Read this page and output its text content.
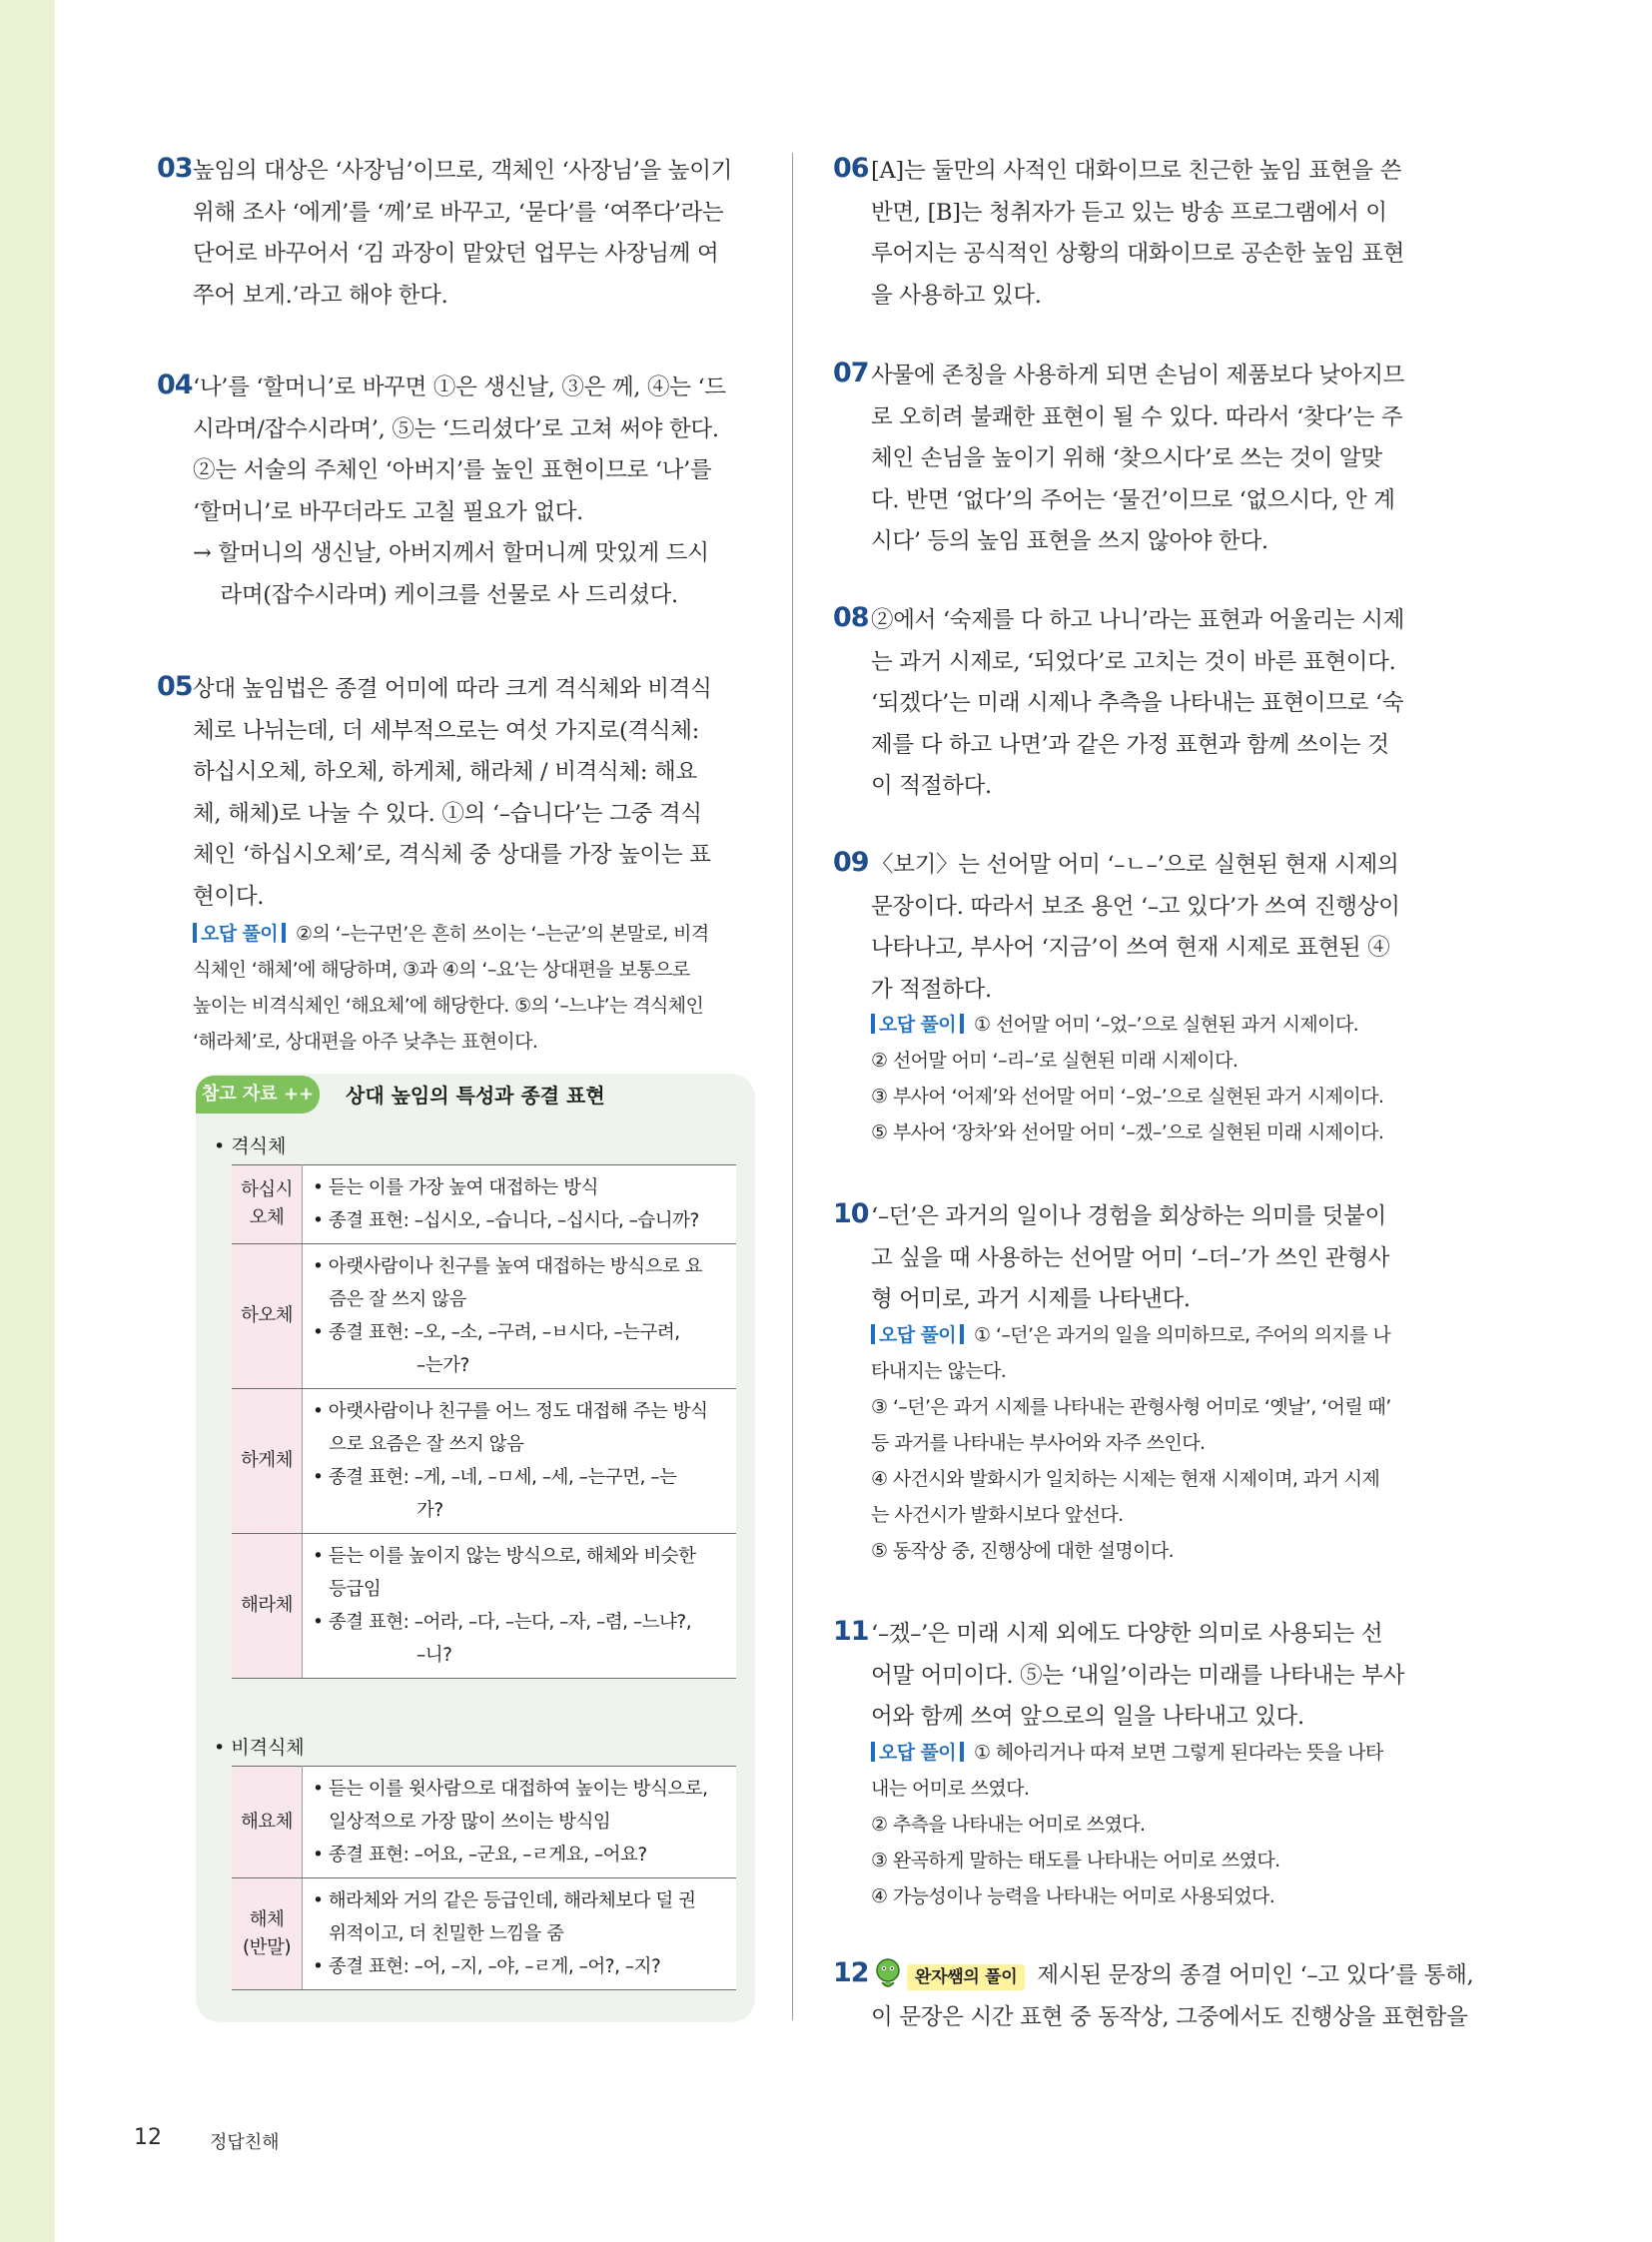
03 높임의 대상은 ‘사장님’이므로, 객체인 ‘사장님’을 높이기
위해 조사 ‘에게’를 ‘께’로 바꾸고, ‘묻다’를 ‘여쭈다’라는
단어로 바꾸어서 ‘김 과장이 맡았던 업무는 사장님께 여
쭈어 보게.’라고 해야 한다.
04 ‘나’를 ‘할머니’로 바꾸면 ①은 생신날, ③은 께, ④는 ‘드
시라며/잡수시라며’, ⑤는 ‘드리셨다’로 고쳐 써야 한다.
②는 서술의 주체인 ‘아버지’를 높인 표현이므로 ‘나’를
‘할머니’로 바꾸더라도 고칠 필요가 없다.
→ 할머니의 생신날, 아버지께서 할머니께 맛있게 드시
라며(잡수시라며) 케이크를 선물로 사 드리셨다.
05 상대 높임법은 종결 어미에 따라 크게 격식체와 비격식
체로 나뉘는데, 더 세부적으로는 여섯 가지로(격식체:
하십시오체, 하오체, 하게체, 해라체 / 비격식체: 해요
체, 해체)로 나눌 수 있다. ①의 ‘–습니다’는 그중 격식
체인 ‘하십시오체’로, 격식체 중 상대를 가장 높이는 표
현이다.
오답 풀이 ②의 ‘–는구먼’은 흔히 쓰이는 ‘–는군’의 본말로, 비격
식체인 ‘해체’에 해당하며, ③과 ④의 ‘–요’는 상대편을 보통으로
높이는 비격식체인 ‘해요체’에 해당한다. ⑤의 ‘–느냐’는 격식체인
‘해라체’로, 상대편을 아주 낮추는 표현이다.
참고 자료 ++ 상대 높임의 특성과 종결 표현
• 격식체
하십시
오체	• 듣는 이를 가장 높여 대접하는 방식
• 종결 표현: –십시오, –습니다, –십시다, –습니까?

하오체	• 아랫사람이나 친구를 높여 대접하는 방식으로 요
즘은 잘 쓰지 않음
• 종결 표현: –오, –소, –구려, –ㅂ시다, –는구려,
–는가?

하게체	• 아랫사람이나 친구를 어느 정도 대접해 주는 방식
으로 요즘은 잘 쓰지 않음
• 종결 표현: –게, –네, –ㅁ세, –세, –는구먼, –는
가?

해라체	• 듣는 이를 높이지 않는 방식으로, 해체와 비슷한
등급임
• 종결 표현: –어라, –다, –는다, –자, –렴, –느냐?,
–니?
• 비격식체
해요체	• 듣는 이를 윗사람으로 대접하여 높이는 방식으로,
일상적으로 가장 많이 쓰이는 방식임
• 종결 표현: –어요, –군요, –ㄹ게요, –어요?

해체
(반말)	• 해라체와 거의 같은 등급인데, 해라체보다 덜 권
위적이고, 더 친밀한 느낌을 줌
• 종결 표현: –어, –지, –야, –ㄹ게, –어?, –지?
06 [A]는 둘만의 사적인 대화이므로 친근한 높임 표현을 쓴
반면, [B]는 청취자가 듣고 있는 방송 프로그램에서 이
루어지는 공식적인 상황의 대화이므로 공손한 높임 표현
을 사용하고 있다.
07 사물에 존칭을 사용하게 되면 손님이 제품보다 낮아지므
로 오히려 불쾌한 표현이 될 수 있다. 따라서 ‘찾다’는 주
체인 손님을 높이기 위해 ‘찾으시다’로 쓰는 것이 알맞
다. 반면 ‘없다’의 주어는 ‘물건’이므로 ‘없으시다, 안 계
시다’ 등의 높임 표현을 쓰지 않아야 한다.
08 ②에서 ‘숙제를 다 하고 나니’라는 표현과 어울리는 시제
는 과거 시제로, ‘되었다’로 고치는 것이 바른 표현이다.
‘되겠다’는 미래 시제나 추측을 나타내는 표현이므로 ‘숙
제를 다 하고 나면’과 같은 가정 표현과 함께 쓰이는 것
이 적절하다.
09 〈보기〉는 선어말 어미 ‘–ㄴ–’으로 실현된 현재 시제의
문장이다. 따라서 보조 용언 ‘–고 있다’가 쓰여 진행상이
나타나고, 부사어 ‘지금’이 쓰여 현재 시제로 표현된 ④
가 적절하다.
오답 풀이 ① 선어말 어미 ‘–었–’으로 실현된 과거 시제이다.
② 선어말 어미 ‘–리–’로 실현된 미래 시제이다.
③ 부사어 ‘어제’와 선어말 어미 ‘–었–’으로 실현된 과거 시제이다.
⑤ 부사어 ‘장차’와 선어말 어미 ‘–겠–’으로 실현된 미래 시제이다.
10 ‘–던’은 과거의 일이나 경험을 회상하는 의미를 덧붙이
고 싶을 때 사용하는 선어말 어미 ‘–더–’가 쓰인 관형사
형 어미로, 과거 시제를 나타낸다.
오답 풀이 ① ‘–던’은 과거의 일을 의미하므로, 주어의 의지를 나
타내지는 않는다.
③ ‘–던’은 과거 시제를 나타내는 관형사형 어미로 ‘옛날’, ‘어릴 때’
등 과거를 나타내는 부사어와 자주 쓰인다.
④ 사건시와 발화시가 일치하는 시제는 현재 시제이며, 과거 시제
는 사건시가 발화시보다 앞선다.
⑤ 동작상 중, 진행상에 대한 설명이다.
11 ‘–겠–’은 미래 시제 외에도 다양한 의미로 사용되는 선
어말 어미이다. ⑤는 ‘내일’이라는 미래를 나타내는 부사
어와 함께 쓰여 앞으로의 일을 나타내고 있다.
오답 풀이 ① 헤아리거나 따져 보면 그렇게 된다라는 뜻을 나타
내는 어미로 쓰였다.
② 추측을 나타내는 어미로 쓰였다.
③ 완곡하게 말하는 태도를 나타내는 어미로 쓰였다.
④ 가능성이나 능력을 나타내는 어미로 사용되었다.
12	완자쌤의 풀이 제시된 문장의 종결 어미인 ‘–고 있다’를 통해,
이 문장은 시간 표현 중 동작상, 그중에서도 진행상을 표현함을
12	정답친해
